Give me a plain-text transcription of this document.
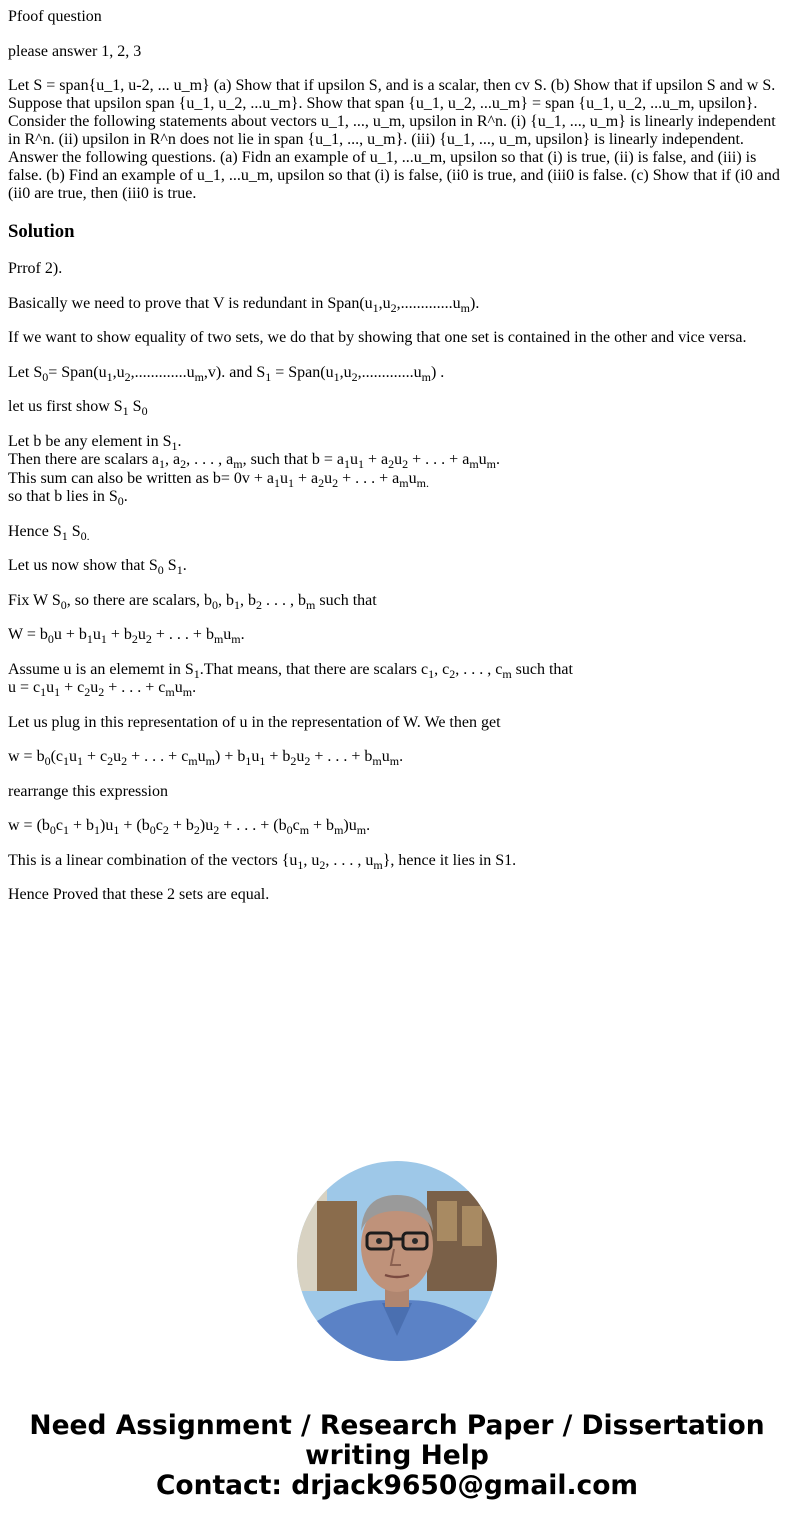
Pfoof question

please answer 1, 2, 3

Let S = span{u_1, u-2, ... u_m} (a) Show that if upsilon S, and is a scalar, then cv S. (b) Show that if upsilon S and w S. Suppose that upsilon span {u_1, u_2, ...u_m}. Show that span {u_1, u_2, ...u_m} = span {u_1, u_2, ...u_m, upsilon}. Consider the following statements about vectors u_1, ..., u_m, upsilon in R^n. (i) {u_1, ..., u_m} is linearly independent in R^n. (ii) upsilon in R^n does not lie in span {u_1, ..., u_m}. (iii) {u_1, ..., u_m, upsilon} is linearly independent. Answer the following questions. (a) Fidn an example of u_1, ...u_m, upsilon so that (i) is true, (ii) is false, and (iii) is false. (b) Find an example of u_1, ...u_m, upsilon so that (i) is false, (ii0 is true, and (iii0 is false. (c) Show that if (i0 and (ii0 are true, then (iii0 is true.

Solution

Prrof 2).

Basically we need to prove that V is redundant in $Span(u_1,u_2,.............u_m)$.

If we want to show equality of two sets, we do that by showing that one set is contained in the other and vice versa.

Let $S_0=$ $Span(u_1,u_2,.............u_m,v)$. and $S_1$ = $Span(u_1,u_2,.............u_m)$ .

let us first show $S_1$ $S_0$

Let b be any element in $S_1$.
Then there are scalars $a_1$, $a_2$, . . . , $a_m$, such that $b = a_1u_1 + a_2u_2$ + . . . + $a_mu_m$.
This sum can also be written as $b= 0v + a_1u_1 + a_2u_2$ + . . . + $a_mu_{m.}$
so that b lies in $S_0$.

Hence $S_1$ $S_{0.}$

Let us now show that $S_0$ $S_1$.

Fix W $S_0$, so there are scalars, $b_0$, $b_1$, $b_2$ . . . , $b_m$ such that

$W = b_0u + b_1u_1 + b_2u_2$ + . . . + $b_mu_m$.

Assume u is an elememt in $S_1.That$ means, that there are scalars $c_1$, $c_2$, . . . , $c_m$ such that
$u = c_1u_1 + c_2u_2$ + . . . + $c_mu_m$.

Let us plug in this representation of u in the representation of W. We then get

$w = b_0(c_1u_1 + c_2u_2$ + . . . + $c_mu_m) + b_1u_1 + b_2u_2$ + . . . + $b_mu_m$.

rearrange this expression

$w = (b_0c_1 + b_1)u_1 + (b_0c_2 + b_2)u_2$ + . . . + $(b_0c_m + b_m)u_m$.

This is a linear combination of the vectors {$u_1$, $u_2$, . . . , $u_m$}, hence it lies in S1.

Hence Proved that these 2 sets are equal.

Need Assignment / Research Paper / Dissertation
writing Help
Contact: drjack9650@gmail.com
